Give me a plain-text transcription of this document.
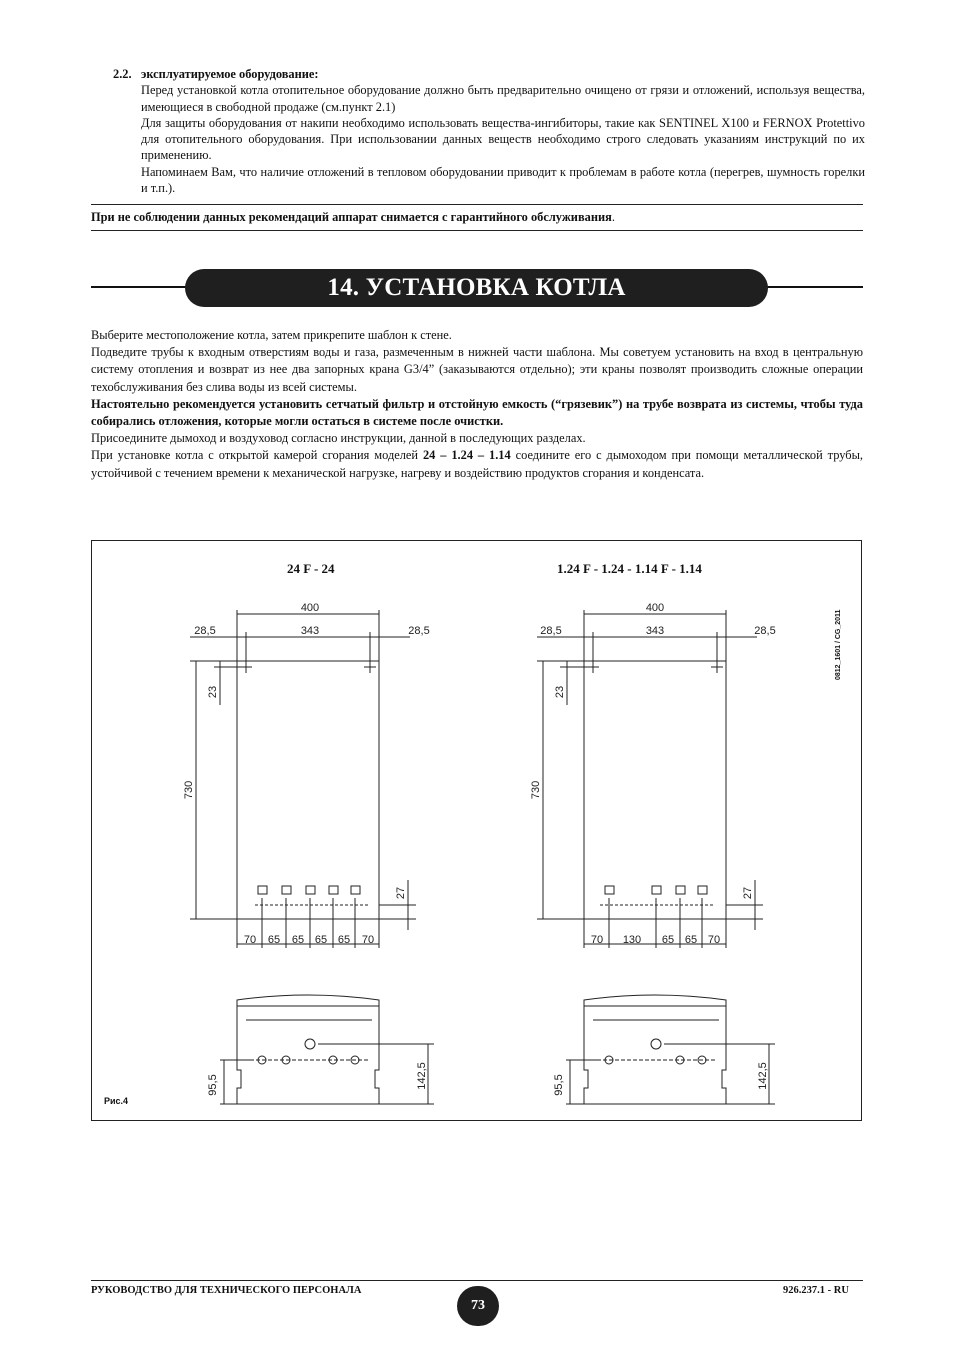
2.2. эксплуатируемое оборудование:

Перед установкой котла отопительное оборудование должно быть предварительно очищено от грязи и отложений, используя вещества, имеющиеся в свободной продаже (см.пункт 2.1)

Для защиты оборудования от накипи необходимо использовать вещества-ингибиторы, такие как SENTINEL X100 и FERNOX Protettivo для отопительного оборудования. При использовании данных веществ необходимо строго следовать указаниям инструкций по их применению.

Напоминаем Вам, что наличие отложений в тепловом оборудовании приводит к проблемам в работе котла (перегрев, шумность горелки и т.п.).

При не соблюдении данных рекомендаций аппарат снимается с гарантийного обслуживания.
14. УСТАНОВКА КОТЛА

Выберите местоположение котла, затем прикрепите шаблон к стене.

Подведите трубы к входным отверстиям воды и газа, размеченным в нижней части шаблона. Мы советуем установить на вход в центральную систему отопления и возврат из нее два запорных крана G3/4” (заказываются отдельно); эти краны позволят производить сложные операции техобслуживания без слива воды из всей системы.

Настоятельно рекомендуется установить сетчатый фильтр и отстойную емкость (“грязевик”) на трубе возврата из системы, чтобы туда собирались отложения, которые могли остаться в системе после очистки.

Присоедините дымоход и воздуховод согласно инструкции, данной в последующих разделах.

При установке котла с открытой камерой сгорания моделей 24 – 1.24 – 1.14 соедините его с дымоходом при помощи металлической трубы, устойчивой с течением времени к механической нагрузке, нагреву и воздействию продуктов сгорания и конденсата.

400
343
28,5	28,5
23
730
27
70 65 65 65 65 70
95,5	142,5
400
343
28,5	28,5
23
730
27
70 130 65 65 70
95,5	142,5
24 F - 24	1.24 F - 1.24 - 1.14 F - 1.14
0812_1601 / CG_2011
Рис.4
РУКОВОДСТВО ДЛЯ ТЕХНИЧЕСКОГО ПЕРСОНАЛА
73
926.237.1 - RU
